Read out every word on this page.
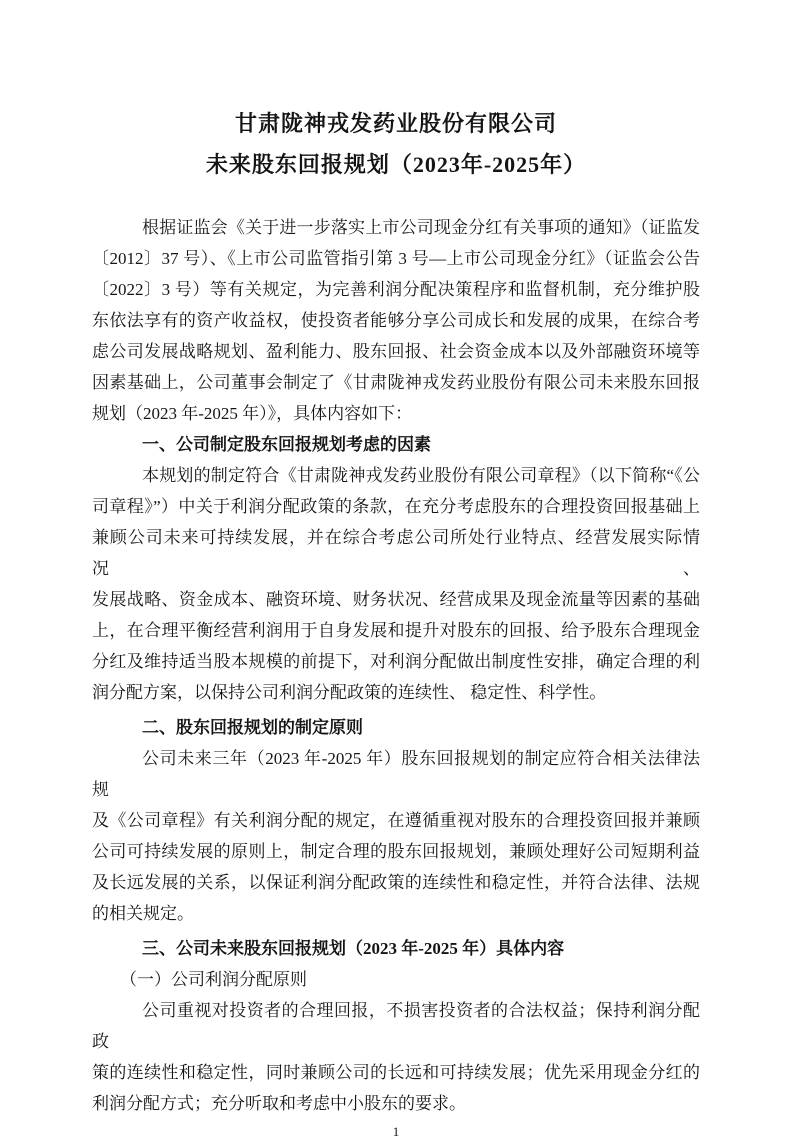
甘肃陇神戎发药业股份有限公司
未来股东回报规划（2023年-2025年）
根据证监会《关于进一步落实上市公司现金分红有关事项的通知》（证监发
〔2012〕37 号）、《上市公司监管指引第 3 号—上市公司现金分红》（证监会公告
〔2022〕3 号）等有关规定，为完善利润分配决策程序和监督机制，充分维护股
东依法享有的资产收益权，使投资者能够分享公司成长和发展的成果，在综合考
虑公司发展战略规划、盈利能力、股东回报、社会资金成本以及外部融资环境等
因素基础上，公司董事会制定了《甘肃陇神戎发药业股份有限公司未来股东回报
规划（2023 年-2025 年）》，具体内容如下：
一、公司制定股东回报规划考虑的因素
本规划的制定符合《甘肃陇神戎发药业股份有限公司章程》（以下简称“《公
司章程》”）中关于利润分配政策的条款，在充分考虑股东的合理投资回报基础上
兼顾公司未来可持续发展，并在综合考虑公司所处行业特点、经营发展实际情况、
发展战略、资金成本、融资环境、财务状况、经营成果及现金流量等因素的基础
上，在合理平衡经营利润用于自身发展和提升对股东的回报、给予股东合理现金
分红及维持适当股本规模的前提下，对利润分配做出制度性安排，确定合理的利
润分配方案，以保持公司利润分配政策的连续性、 稳定性、科学性。
二、股东回报规划的制定原则
公司未来三年（2023 年-2025 年）股东回报规划的制定应符合相关法律法规
及《公司章程》有关利润分配的规定，在遵循重视对股东的合理投资回报并兼顾
公司可持续发展的原则上，制定合理的股东回报规划，兼顾处理好公司短期利益
及长远发展的关系，以保证利润分配政策的连续性和稳定性，并符合法律、法规
的相关规定。
三、公司未来股东回报规划（2023 年-2025 年）具体内容
（一）公司利润分配原则
公司重视对投资者的合理回报，不损害投资者的合法权益；保持利润分配政
策的连续性和稳定性，同时兼顾公司的长远和可持续发展；优先采用现金分红的
利润分配方式；充分听取和考虑中小股东的要求。
1
